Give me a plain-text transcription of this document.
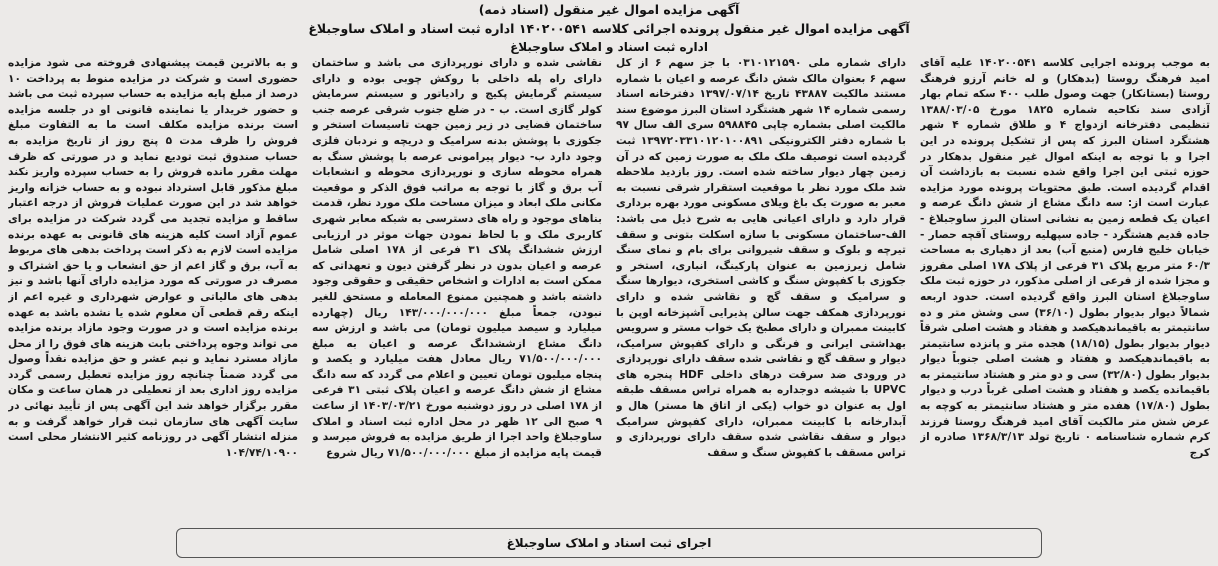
آگهی مزایده اموال غیر منقول (اسناد ذمه)
آگهی مزایده اموال غیر منقول پرونده اجرائی کلاسه ۱۴۰۲۰۰۵۴۱ اداره ثبت اسناد و املاک ساوجبلاغ
اداره ثبت اسناد و املاک ساوجبلاغ
به موجب پرونده اجرایی کلاسه ۱۴۰۲۰۰۵۴۱ علیه آقای امید فرهنگ روستا (بدهکار) و له خانم آرزو فرهنگ روستا (بستانکار) جهت وصول طلب ۴۰۰ سکه تمام بهار آزادی سند نکاحیه شماره ۱۸۲۵ مورخ ۱۳۸۸/۰۳/۰۵ تنظیمی دفترخانه ازدواج ۴ و طلاق شماره ۴ شهر هشتگرد استان البرز که پس از تشکیل پرونده در این اجرا و با توجه به اینکه اموال غیر منقول بدهکار در حوزه ثبتی این اجرا واقع شده نسبت به بازداشت آن اقدام گردیده است. طبق محتویات پرونده مورد مزایده عبارت است از: سه دانگ مشاع از شش دانگ عرصه و اعیان یک قطعه زمین به نشانی استان البرز ساوجبلاغ - جاده قدیم هشتگرد - جاده سپهلیه روستای آقچه حصار - خیابان خلیج فارس (منبع آب) بعد از دهیاری به مساحت ۶۰/۳ متر مربع پلاک ۳۱ فرعی از پلاک ۱۷۸ اصلی مفروز و مجزا شده از فرعی از اصلی مذکور، در حوزه ثبت ملک ساوجبلاغ استان البرز واقع گردیده است. حدود اربعه شمالاً دیوار بدیوار بطول (۳۶/۱۰) سی وشش متر و ده سانتیمتر به باقیماندهیکصد و هفتاد و هشت اصلی شرقاً دیوار بدیوار بطول (۱۸/۱۵) هجده متر و پانزده سانتیمتر به باقیماندهیکصد و هفتاد و هشت اصلی جنوباً دیوار بدیوار بطول (۳۲/۸۰) سی و دو متر و هشتاد سانتیمتر به باقیمانده یکصد و هفتاد و هشت اصلی غرباً درب و دیوار بطول (۱۷/۸۰) هفده متر و هشتاد سانتیمتر به کوچه به عرض شش متر مالکیت آقای امید فرهنگ روستا فرزند کرم شماره شناسنامه ۰ تاریخ تولد ۱۳۶۸/۳/۱۳ صادره از کرج
دارای شماره ملی ۰۳۱۰۱۲۱۵۹۰ با جز سهم ۶ از کل سهم ۶ بعنوان مالک شش دانگ عرصه و اعیان با شماره مستند مالکیت ۴۳۸۸۷ تاریخ ۱۳۹۷/۰۷/۱۴ دفترخانه اسناد رسمی شماره ۱۴ شهر هشتگرد استان البرز موضوع سند مالکیت اصلی بشماره چاپی ۵۹۸۸۴۵ سری الف سال ۹۷ با شماره دفتر الکترونیکی ۱۳۹۷۲۰۳۳۱۰۱۲۰۱۰۰۸۹۱ ثبت گردیده است توصیف ملک ملک به صورت زمین که در آن زمین چهار دیوار ساخته شده است. روز بازدید ملاحظه شد ملک مورد نظر با موقعیت استقرار شرقی نسبت به معبر به صورت یک باغ ویلای مسکونی مورد بهره برداری قرار دارد و دارای اعیانی هایی به شرح ذیل می باشد: الف-ساختمان مسکونی با سازه اسکلت بتونی و سقف تیرچه و بلوک و سقف شیروانی برای بام و نمای سنگ شامل زیرزمین به عنوان پارکینگ، انباری، استخر و جکوزی با کفپوش سنگ و کاشی استخری، دیوارها سنگ و سرامیک و سقف گچ و نقاشی شده و دارای نورپردازی همکف جهت سالن پذیرایی آشپزخانه اوپن با کابینت ممبران و دارای مطبخ یک خواب مستر و سرویس بهداشتی ایرانی و فرنگی و دارای کفپوش سرامیک، دیوار و سقف گچ و نقاشی شده سقف دارای نورپردازی در ورودی ضد سرقت درهای داخلی HDF پنجره های UPVC با شیشه دوجداره به همراه تراس مسقف طبقه اول به عنوان دو خواب (یکی از اتاق ها مستر) هال و آبدارخانه با کابینت ممبران، دارای کفپوش سرامیک دیوار و سقف نقاشی شده سقف دارای نورپردازی و تراس مسقف با کفپوش سنگ و سقف
نقاشی شده و دارای نورپردازی می باشد و ساختمان دارای راه پله داخلی با روکش چوبی بوده و دارای سیستم گرمایش پکیج و رادیاتور و سیستم سرمایش کولر گازی است. ب - در ضلع جنوب شرقی عرصه جنب ساختمان فضایی در زیر زمین جهت تاسیسات استخر و جکوزی با پوشش بدنه سرامیک و دریچه و نردبان فلزی وجود دارد ب- دیوار پیرامونی عرصه با پوشش سنگ به همراه محوطه سازی و نورپردازی محوطه و انشعابات آب برق و گاز با توجه به مراتب فوق الذکر و موقعیت مکانی ملک ابعاد و میزان مساحت ملک مورد نظر، قدمت بناهای موجود و راه های دسترسی به شبکه معابر شهری کاربری ملک و با لحاظ نمودن جهات موثر در ارزیابی ارزش ششدانگ پلاک ۳۱ فرعی از ۱۷۸ اصلی شامل عرصه و اعیان بدون در نظر گرفتن دیون و تعهداتی که ممکن است به ادارات و اشخاص حقیقی و حقوقی وجود داشته باشد و همچنین ممنوع المعامله و مستحق للغیر نبودن، جمعاً مبلغ ۱۴۳/۰۰۰/۰۰۰/۰۰۰ ریال (چهارده میلیارد و سیصد میلیون تومان) می باشد و ارزش سه دانگ مشاع ازششدانگ عرصه و اعیان به مبلغ ۷۱/۵۰۰/۰۰۰/۰۰۰ ریال معادل هفت میلیارد و یکصد و پنجاه میلیون تومان تعیین و اعلام می گردد که سه دانگ مشاع از شش دانگ عرصه و اعیان پلاک ثبتی ۳۱ فرعی از ۱۷۸ اصلی در روز دوشنبه مورخ ۱۴۰۳/۰۳/۲۱ از ساعت ۹ صبح الی ۱۲ ظهر در محل اداره ثبت اسناد و املاک ساوجبلاغ واحد اجرا از طریق مزایده به فروش میرسد و قیمت پایه مزایده از مبلغ ۷۱/۵۰۰/۰۰۰/۰۰۰ ریال شروع
و به بالاترین قیمت پیشنهادی فروخته می شود مزایده حضوری است و شرکت در مزایده منوط به پرداخت ۱۰ درصد از مبلغ پایه مزایده به حساب سپرده ثبت می باشد و حضور خریدار یا نماینده قانونی او در جلسه مزایده است برنده مزایده مکلف است ما به التفاوت مبلغ فروش را ظرف مدت ۵ پنج روز از تاریخ مزایده به حساب صندوق ثبت تودیع نماید و در صورتی که ظرف مهلت مقرر مانده فروش را به حساب سپرده واریز نکند مبلغ مذکور قابل استرداد نبوده و به حساب خزانه واریز خواهد شد در این صورت عملیات فروش از درجه اعتبار ساقط و مزایده تجدید می گردد شرکت در مزایده برای عموم آزاد است کلیه هزینه های قانونی به عهده برنده مزایده است لازم به ذکر است پرداخت بدهی های مربوط به آب، برق و گاز اعم از حق انشعاب و یا حق اشتراک و مصرف در صورتی که مورد مزایده دارای آنها باشد و نیز بدهی های مالیاتی و عوارض شهرداری و غیره اعم از اینکه رقم قطعی آن معلوم شده یا نشده باشد به عهده برنده مزایده است و در صورت وجود مازاد برنده مزایده می تواند وجوه پرداختی بابت هزینه های فوق را از محل مازاد مسترد نماید و نیم عشر و حق مزایده نقداً وصول می گردد ضمناً چنانچه روز مزایده تعطیل رسمی گردد مزایده روز اداری بعد از تعطیلی در همان ساعت و مکان مقرر برگزار خواهد شد این آگهی پس از تأیید نهائی در سایت آگهی های سازمان ثبت قرار خواهد گرفت و به منزله انتشار آگهی در روزنامه کثیر الانتشار محلی است ۱۰۴/۷۴/۱۰۹۰۰
اجرای ثبت اسناد و املاک ساوجبلاغ
